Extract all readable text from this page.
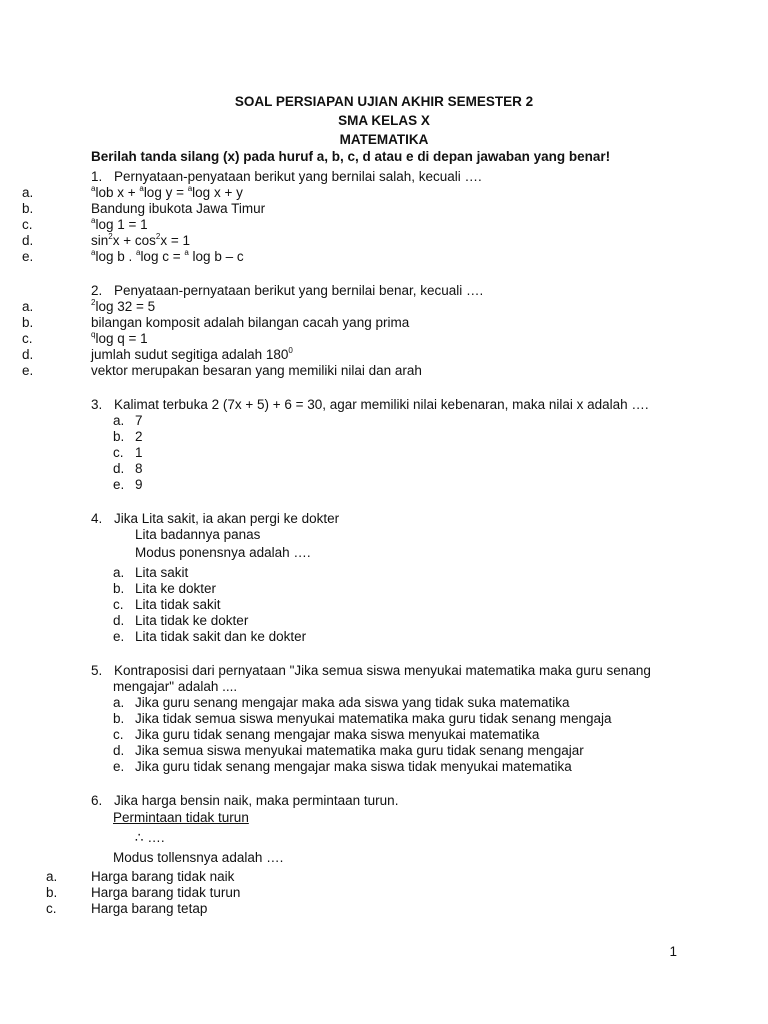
SOAL PERSIAPAN UJIAN AKHIR SEMESTER 2
SMA KELAS X
MATEMATIKA
Berilah tanda silang (x) pada huruf a, b, c, d atau e di depan jawaban yang benar!
1. Pernyataan-penyataan berikut yang bernilai salah, kecuali ….
a.	$^a$lob x + $^a$log y = $^a$log x + y
b.	Bandung ibukota Jawa Timur
c.	$^a$log 1 = 1
d.	$\sin^2x + \cos^2x = 1$
e.	$^a$log b . $^a$log c = $^a$ log b – c
2. Penyataan-pernyataan berikut yang bernilai benar, kecuali ….
a.	$^2$log 32 = 5
b.	bilangan komposit adalah bilangan cacah yang prima
c.	$^q$log q = 1
d.	jumlah sudut segitiga adalah $180^0$
e.	vektor merupakan besaran yang memiliki nilai dan arah
3. Kalimat terbuka 2 (7x + 5) + 6 = 30, agar memiliki nilai kebenaran, maka nilai x adalah ….
a. 7
b. 2
c. 1
d. 8
e. 9
4. Jika Lita sakit, ia akan pergi ke dokter
Lita badannya panas
Modus ponensnya adalah ….
a. Lita sakit
b. Lita ke dokter
c. Lita tidak sakit
d. Lita tidak ke dokter
e. Lita tidak sakit dan ke dokter
5. Kontraposisi dari pernyataan "Jika semua siswa menyukai matematika maka guru senang
mengajar" adalah ....
a. Jika guru senang mengajar maka ada siswa yang tidak suka matematika
b. Jika tidak semua siswa menyukai matematika maka guru tidak senang mengaja
c. Jika guru tidak senang mengajar maka siswa menyukai matematika
d. Jika semua siswa menyukai matematika maka guru tidak senang mengajar
e. Jika guru tidak senang mengajar maka siswa tidak menyukai matematika
6. Jika harga bensin naik, maka permintaan turun.
Permintaan tidak turun
∴ ….
Modus tollensnya adalah ….
a. Harga barang tidak naik
b. Harga barang tidak turun
c.	Harga barang tetap
1
